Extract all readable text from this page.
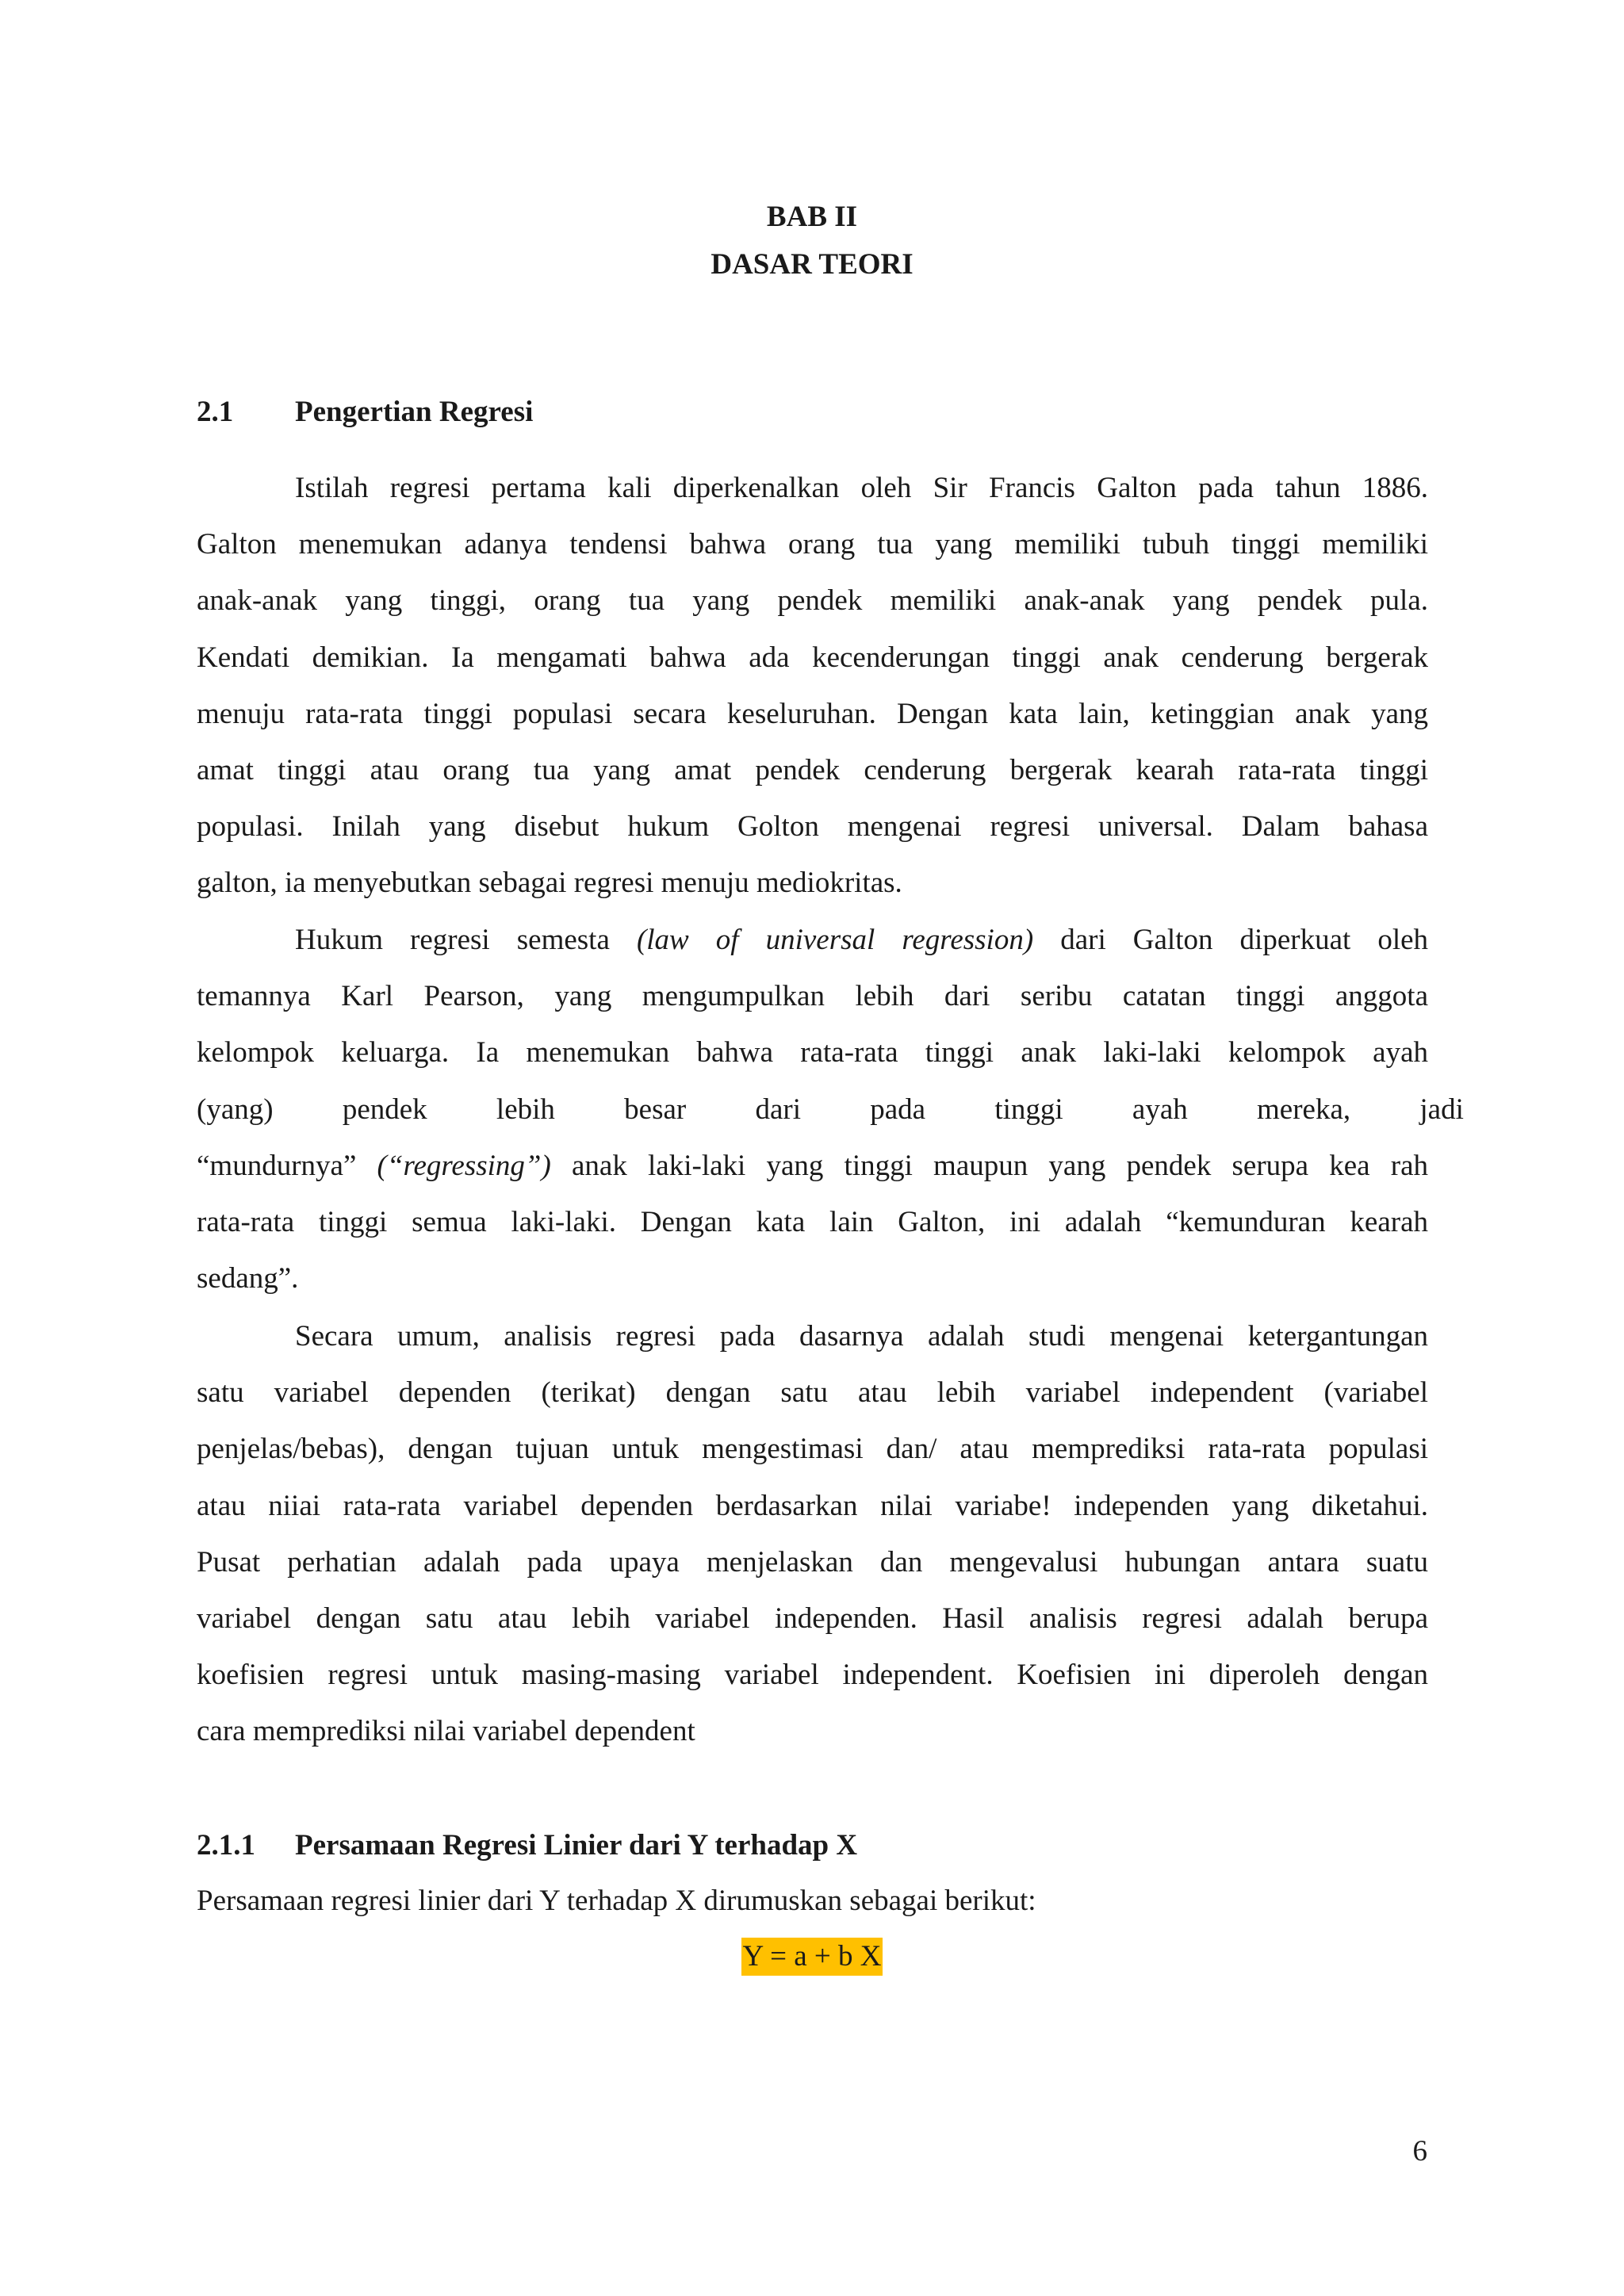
BAB II
DASAR TEORI
2.1 Pengertian Regresi
Istilah regresi pertama kali diperkenalkan oleh Sir Francis Galton pada tahun 1886.
Galton menemukan adanya tendensi bahwa orang tua yang memiliki tubuh tinggi memiliki
anak-anak yang tinggi, orang tua yang pendek memiliki anak-anak yang pendek pula.
Kendati demikian. Ia mengamati bahwa ada kecenderungan tinggi anak cenderung bergerak
menuju rata-rata tinggi populasi secara keseluruhan. Dengan kata lain, ketinggian anak yang
amat tinggi atau orang tua yang amat pendek cenderung bergerak kearah rata-rata tinggi
populasi. Inilah yang disebut hukum Golton mengenai regresi universal. Dalam bahasa
galton, ia menyebutkan sebagai regresi menuju mediokritas.
Hukum regresi semesta (law of universal regression) dari Galton diperkuat oleh
temannya Karl Pearson, yang mengumpulkan lebih dari seribu catatan tinggi anggota
kelompok keluarga. Ia menemukan bahwa rata-rata tinggi anak laki-laki kelompok ayah
(yang) pendek lebih besar dari pada tinggi ayah mereka, jadi
“mundurnya” (“regressing”) anak laki-laki yang tinggi maupun yang pendek serupa kea rah
rata-rata tinggi semua laki-laki. Dengan kata lain Galton, ini adalah “kemunduran kearah
sedang”.
Secara umum, analisis regresi pada dasarnya adalah studi mengenai ketergantungan
satu variabel dependen (terikat) dengan satu atau lebih variabel independent (variabel
penjelas/bebas), dengan tujuan untuk mengestimasi dan/ atau memprediksi rata-rata populasi
atau niiai rata-rata variabel dependen berdasarkan nilai variabe! independen yang diketahui.
Pusat perhatian adalah pada upaya menjelaskan dan mengevalusi hubungan antara suatu
variabel dengan satu atau lebih variabel independen. Hasil analisis regresi adalah berupa
koefisien regresi untuk masing-masing variabel independent. Koefisien ini diperoleh dengan
cara memprediksi nilai variabel dependent
2.1.1 Persamaan Regresi Linier dari Y terhadap X
Persamaan regresi linier dari Y terhadap X dirumuskan sebagai berikut:
Y = a + b X
6
